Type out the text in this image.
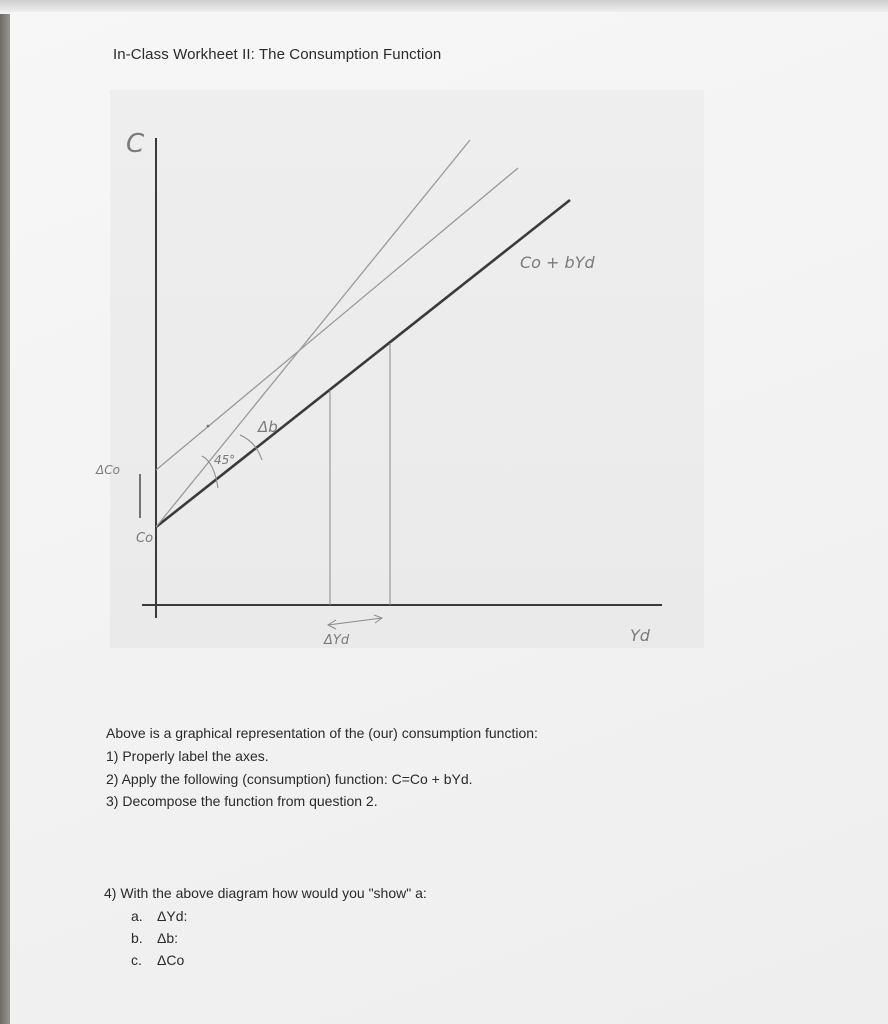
In-Class Workheet II: The Consumption Function
C
Co + bYd
Δb
45°
ΔCo
Co
ΔYd	Yd
Above is a graphical representation of the (our) consumption function:
1) Properly label the axes.
2) Apply the following (consumption) function: C=Co + bYd.
3) Decompose the function from question 2.
4) With the above diagram how would you "show" a:
a. ΔYd:
b. Δb:
c. ΔCo
